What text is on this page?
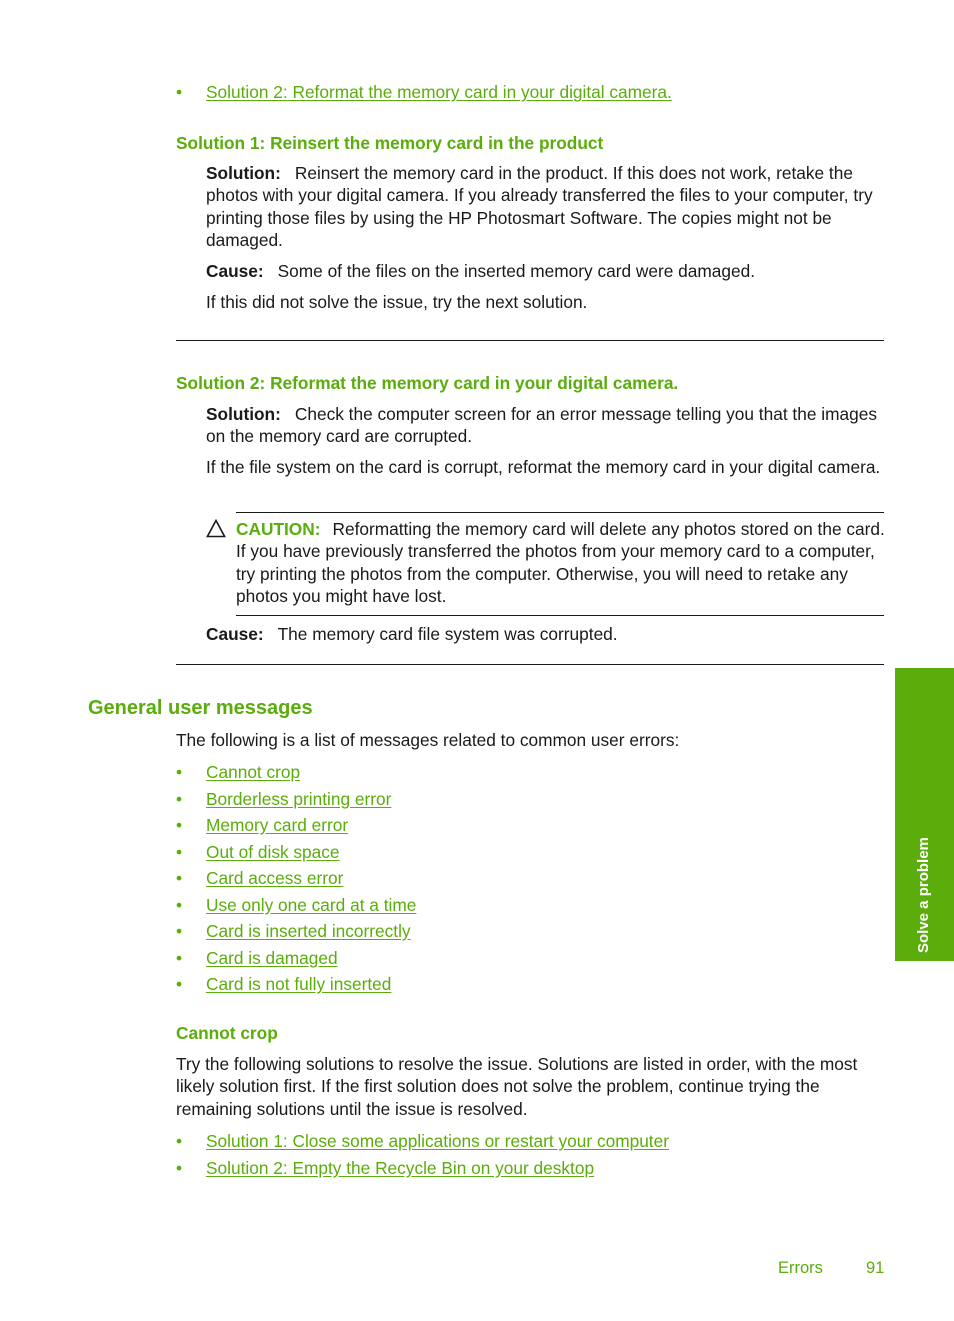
• Solution 2: Reformat the memory card in your digital camera.
Solution 1: Reinsert the memory card in the product

Solution: Reinsert the memory card in the product. If this does not work, retake the photos with your digital camera. If you already transferred the files to your computer, try printing those files by using the HP Photosmart Software. The copies might not be damaged.

Cause: Some of the files on the inserted memory card were damaged.

If this did not solve the issue, try the next solution.

Solution 2: Reformat the memory card in your digital camera.

Solution: Check the computer screen for an error message telling you that the images on the memory card are corrupted.

If the file system on the card is corrupt, reformat the memory card in your digital camera.

CAUTION: Reformatting the memory card will delete any photos stored on the card. If you have previously transferred the photos from your memory card to a computer, try printing the photos from the computer. Otherwise, you will need to retake any photos you might have lost.

Cause: The memory card file system was corrupted.

General user messages

The following is a list of messages related to common user errors:

• Cannot crop
• Borderless printing error
• Memory card error
• Out of disk space
• Card access error
• Use only one card at a time
• Card is inserted incorrectly
• Card is damaged
• Card is not fully inserted
Cannot crop

Try the following solutions to resolve the issue. Solutions are listed in order, with the most likely solution first. If the first solution does not solve the problem, continue trying the remaining solutions until the issue is resolved.

• Solution 1: Close some applications or restart your computer
• Solution 2: Empty the Recycle Bin on your desktop
Solve a problem
Errors	91
